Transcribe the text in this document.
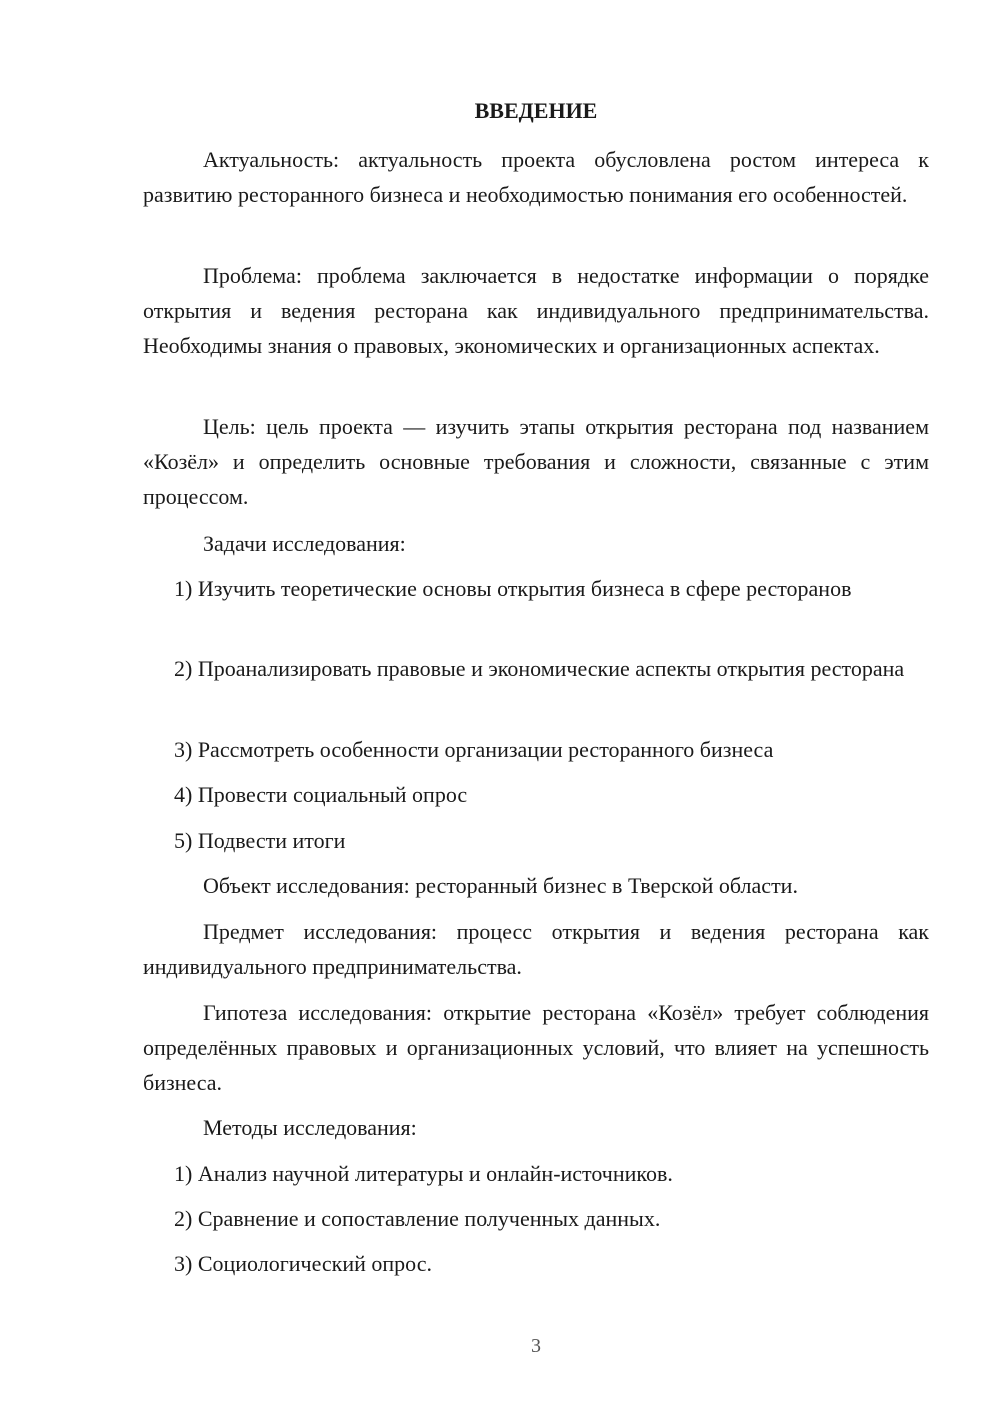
ВВЕДЕНИЕ

Актуальность: актуальность проекта обусловлена ростом интереса к развитию ресторанного бизнеса и необходимостью понимания его особенностей.

Проблема: проблема заключается в недостатке информации о порядке открытия и ведения ресторана как индивидуального предпринимательства. Необходимы знания о правовых, экономических и организационных аспектах.

Цель: цель проекта — изучить этапы открытия ресторана под названием «Козёл» и определить основные требования и сложности, связанные с этим процессом.

Задачи исследования:

1) Изучить теоретические основы открытия бизнеса в сфере ресторанов

2) Проанализировать правовые и экономические аспекты открытия ресторана

3) Рассмотреть особенности организации ресторанного бизнеса

4) Провести социальный опрос

5) Подвести итоги

Объект исследования: ресторанный бизнес в Тверской области.

Предмет исследования: процесс открытия и ведения ресторана как индивидуального предпринимательства.

Гипотеза исследования: открытие ресторана «Козёл» требует соблюдения определённых правовых и организационных условий, что влияет на успешность бизнеса.

Методы исследования:

1) Анализ научной литературы и онлайн-источников.

2) Сравнение и сопоставление полученных данных.

3) Социологический опрос.

3
